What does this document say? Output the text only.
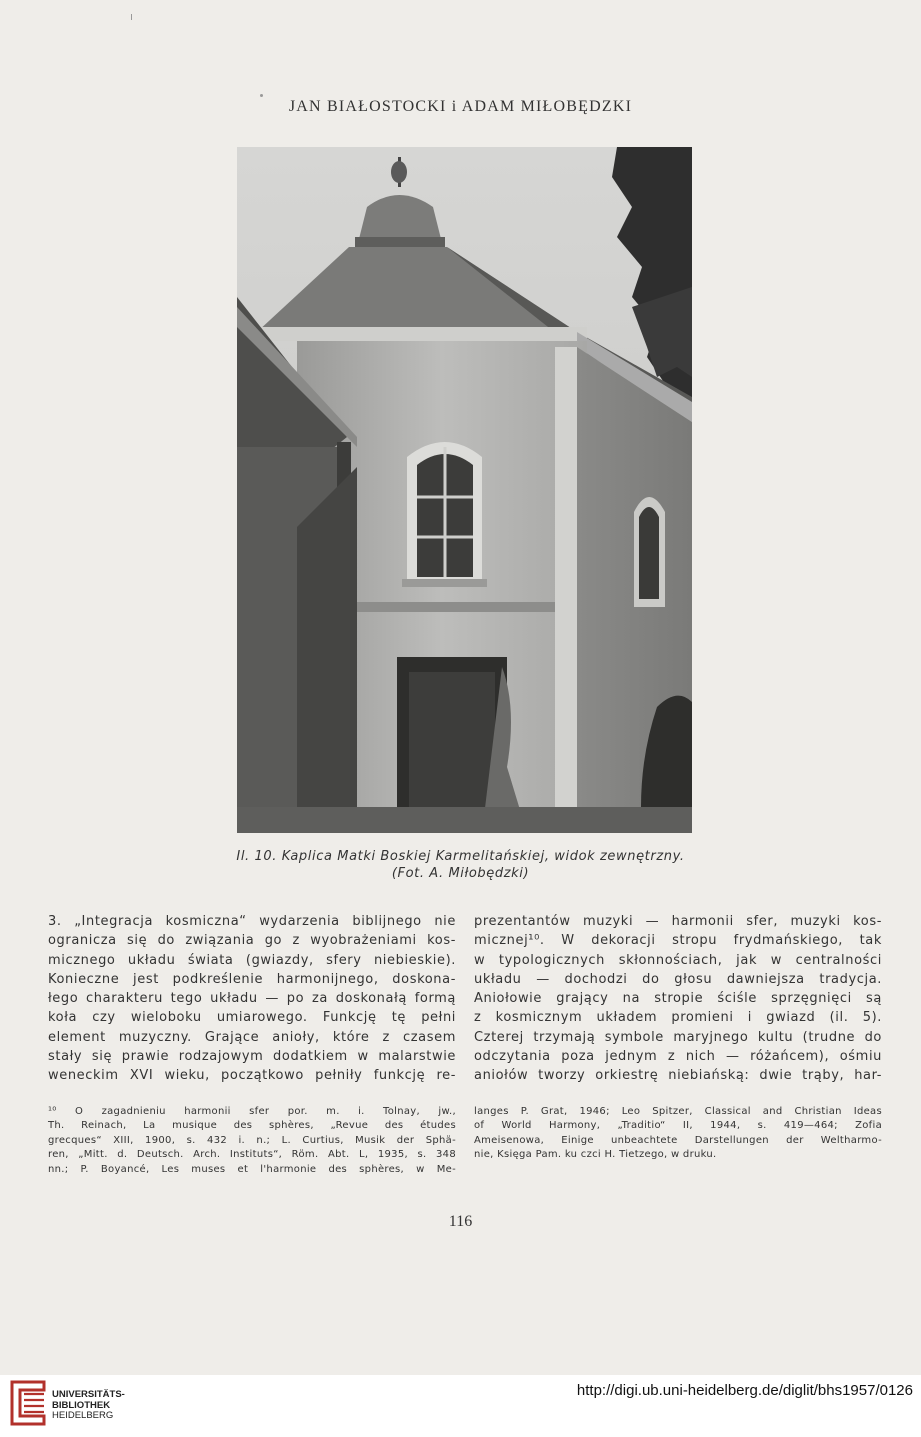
JAN BIAŁOSTOCKI i ADAM MIŁOBĘDZKI
Il. 10. Kaplica Matki Boskiej Karmelitańskiej, widok zewnętrzny.
(Fot. A. Miłobędzki)
3. „Integracja kosmiczna“ wydarzenia biblijnego nie
ogranicza się do związania go z wyobrażeniami kos-
micznego układu świata (gwiazdy, sfery niebieskie).
Konieczne jest podkreślenie harmonijnego, doskona-
łego charakteru tego układu — po za doskonałą formą
koła czy wieloboku umiarowego. Funkcję tę pełni
element muzyczny. Grające anioły, które z czasem
stały się prawie rodzajowym dodatkiem w malarstwie
weneckim XVI wieku, początkowo pełniły funkcję re-
prezentantów muzyki — harmonii sfer, muzyki kos-
micznej¹⁰. W dekoracji stropu frydmańskiego, tak
w typologicznych skłonnościach, jak w centralności
układu — dochodzi do głosu dawniejsza tradycja.
Aniołowie grający na stropie ściśle sprzęgnięci są
z kosmicznym układem promieni i gwiazd (il. 5).
Czterej trzymają symbole maryjnego kultu (trudne do
odczytania poza jednym z nich — różańcem), ośmiu
aniołów tworzy orkiestrę niebiańską: dwie trąby, har-
¹⁰ O zagadnieniu harmonii sfer por. m. i. Tolnay, jw.,
Th. Reinach, La musique des sphères, „Revue des études
grecques“ XIII, 1900, s. 432 i. n.; L. Curtius, Musik der Sphä-
ren, „Mitt. d. Deutsch. Arch. Instituts“, Röm. Abt. L, 1935, s. 348
nn.; P. Boyancé, Les muses et l'harmonie des sphères, w Me-
langes P. Grat, 1946; Leo Spitzer, Classical and Christian Ideas
of World Harmony, „Traditio“ II, 1944, s. 419—464; Zofia
Ameisenowa, Einige unbeachtete Darstellungen der Weltharmo-
nie, Księga Pam. ku czci H. Tietzego, w druku.
116
UNIVERSITÄTS-
BIBLIOTHEK
HEIDELBERG
http://digi.ub.uni-heidelberg.de/diglit/bhs1957/0126
